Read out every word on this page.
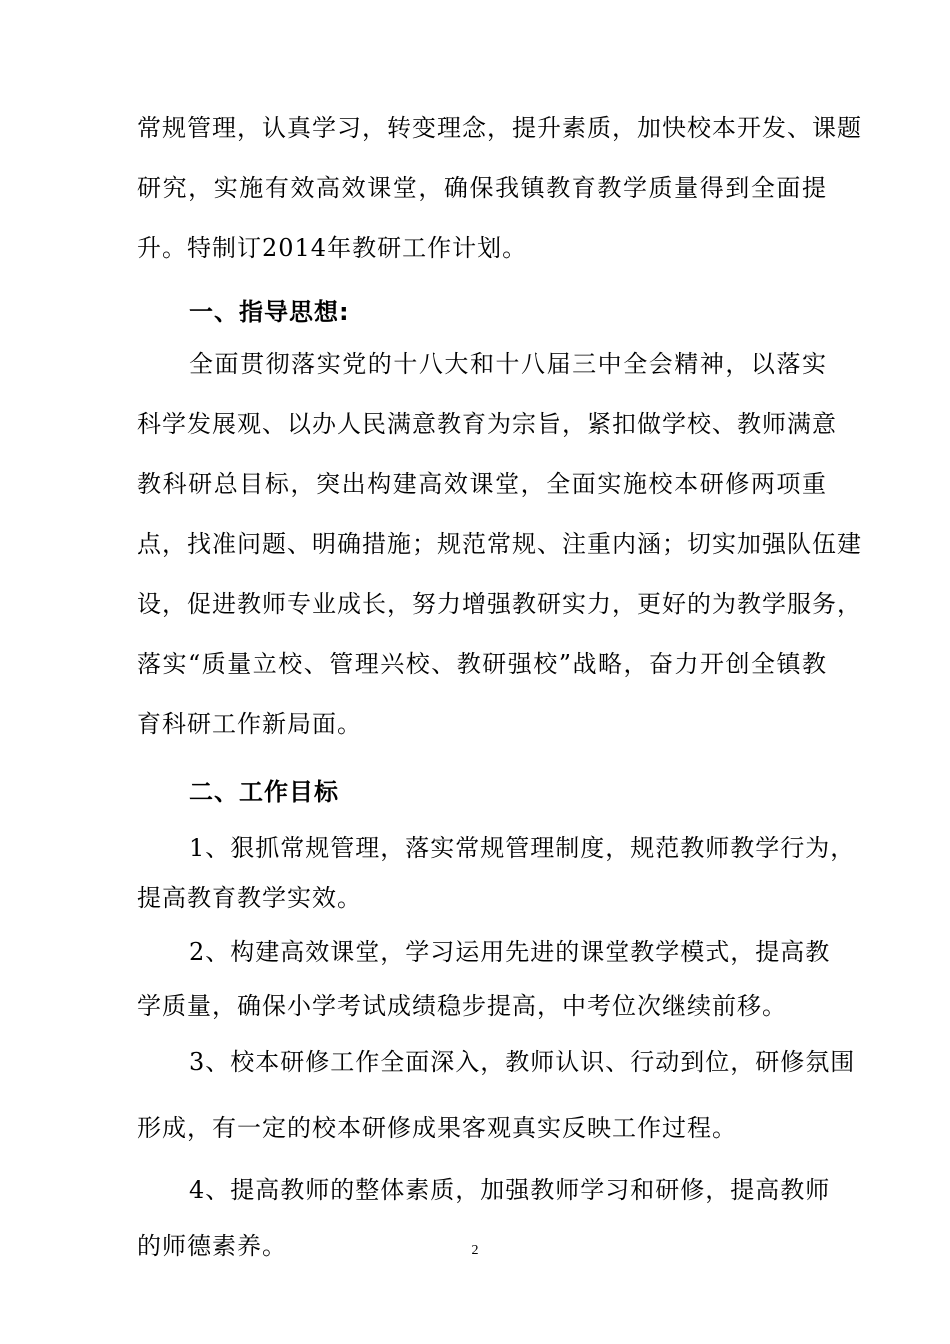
常规管理，认真学习，转变理念，提升素质，加快校本开发、课题
研究，实施有效高效课堂，确保我镇教育教学质量得到全面提
升。特制订2014年教研工作计划。
一、指导思想:
全面贯彻落实党的十八大和十八届三中全会精神，以落实
科学发展观、以办人民满意教育为宗旨，紧扣做学校、教师满意
教科研总目标，突出构建高效课堂，全面实施校本研修两项重
点，找准问题、明确措施；规范常规、注重内涵；切实加强队伍建
设，促进教师专业成长，努力增强教研实力，更好的为教学服务，
落实“质量立校、管理兴校、教研强校”战略，奋力开创全镇教
育科研工作新局面。
二、工作目标
1、狠抓常规管理，落实常规管理制度，规范教师教学行为，
提高教育教学实效。
2、构建高效课堂，学习运用先进的课堂教学模式，提高教
学质量，确保小学考试成绩稳步提高，中考位次继续前移。
3、校本研修工作全面深入，教师认识、行动到位，研修氛围
形成，有一定的校本研修成果客观真实反映工作过程。
4、提高教师的整体素质，加强教师学习和研修，提高教师
的师德素养。	2
